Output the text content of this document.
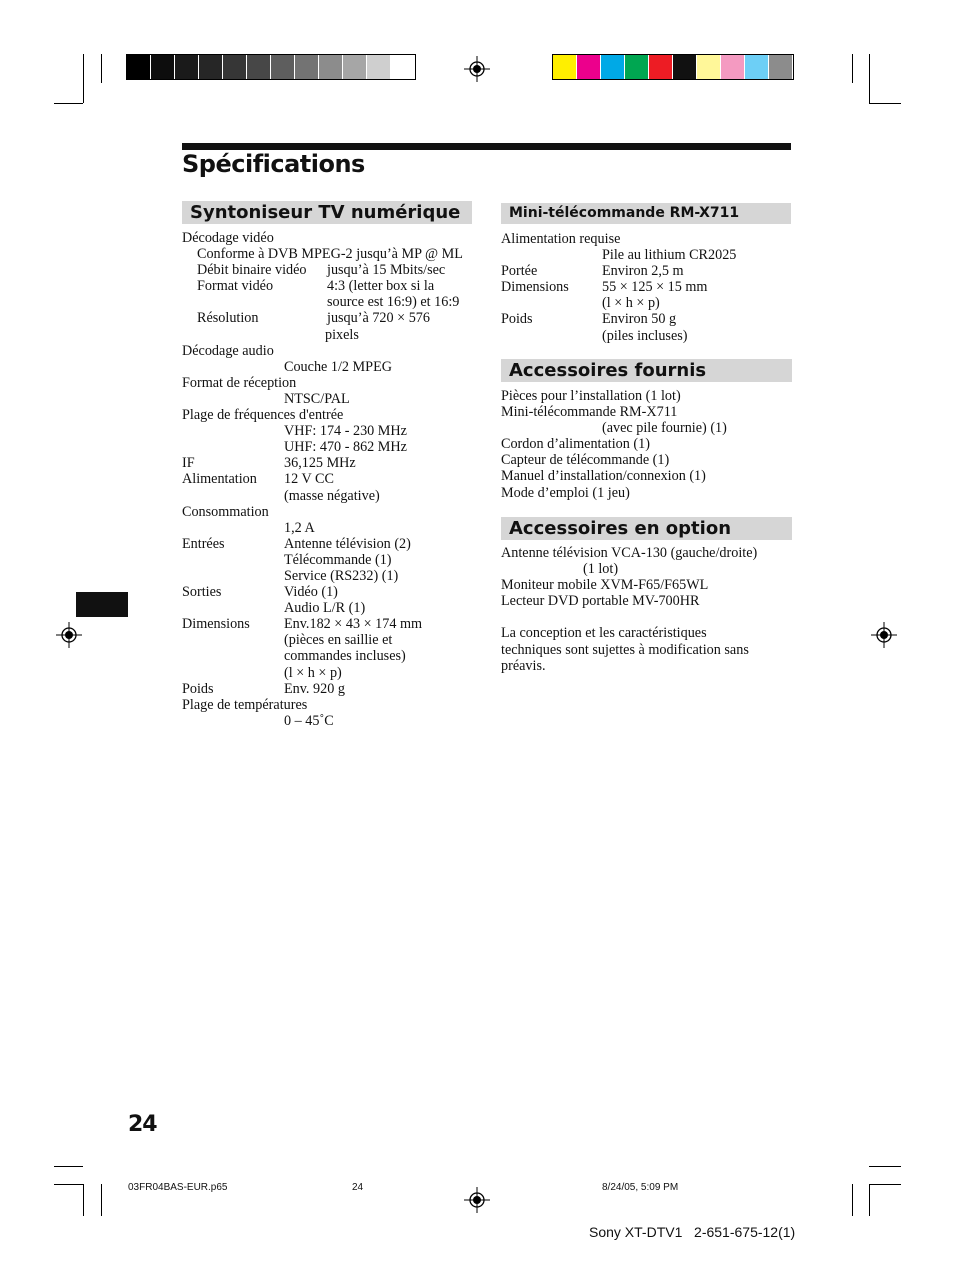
Spécifications
Syntoniseur TV numérique
Décodage vidéo
Conforme à DVB MPEG-2 jusqu’à MP @ ML
Débit binaire vidéo jusqu’à 15 Mbits/sec
Format vidéo	4:3 (letter box si la
source est 16:9) et 16:9
Résolution	jusqu’à 720 × 576
pixels
Décodage audio
Couche 1/2 MPEG
Format de réception
NTSC/PAL
Plage de fréquences d'entrée
VHF: 174 - 230 MHz
UHF: 470 - 862 MHz
IF	36,125 MHz
Alimentation 12 V CC
(masse négative)
Consommation
1,2 A
Entrées	Antenne télévision (2)
Télécommande (1)
Service (RS232) (1)
Sorties	Vidéo (1)
Audio L/R (1)
Dimensions Env.182 × 43 × 174 mm
(pièces en saillie et
commandes incluses)
(l × h × p)
Poids	Env. 920 g
Plage de températures
0 – 45˚C
Mini-télécommande RM-X711
Alimentation requise
Pile au lithium CR2025
Portée	Environ 2,5 m
Dimensions 55 × 125 × 15 mm
(l × h × p)
Poids	Environ 50 g
(piles incluses)
Accessoires fournis
Pièces pour l’installation (1 lot)
Mini-télécommande RM-X711
(avec pile fournie) (1)
Cordon d’alimentation (1)
Capteur de télécommande (1)
Manuel d’installation/connexion (1)
Mode d’emploi (1 jeu)
Accessoires en option
Antenne télévision VCA-130 (gauche/droite)
(1 lot)
Moniteur mobile XVM-F65/F65WL
Lecteur DVD portable MV-700HR
La conception et les caractéristiques
techniques sont sujettes à modification sans
préavis.
24
03FR04BAS-EUR.p65	24	8/24/05, 5:09 PM
Sony XT-DTV1   2-651-675-12(1)
